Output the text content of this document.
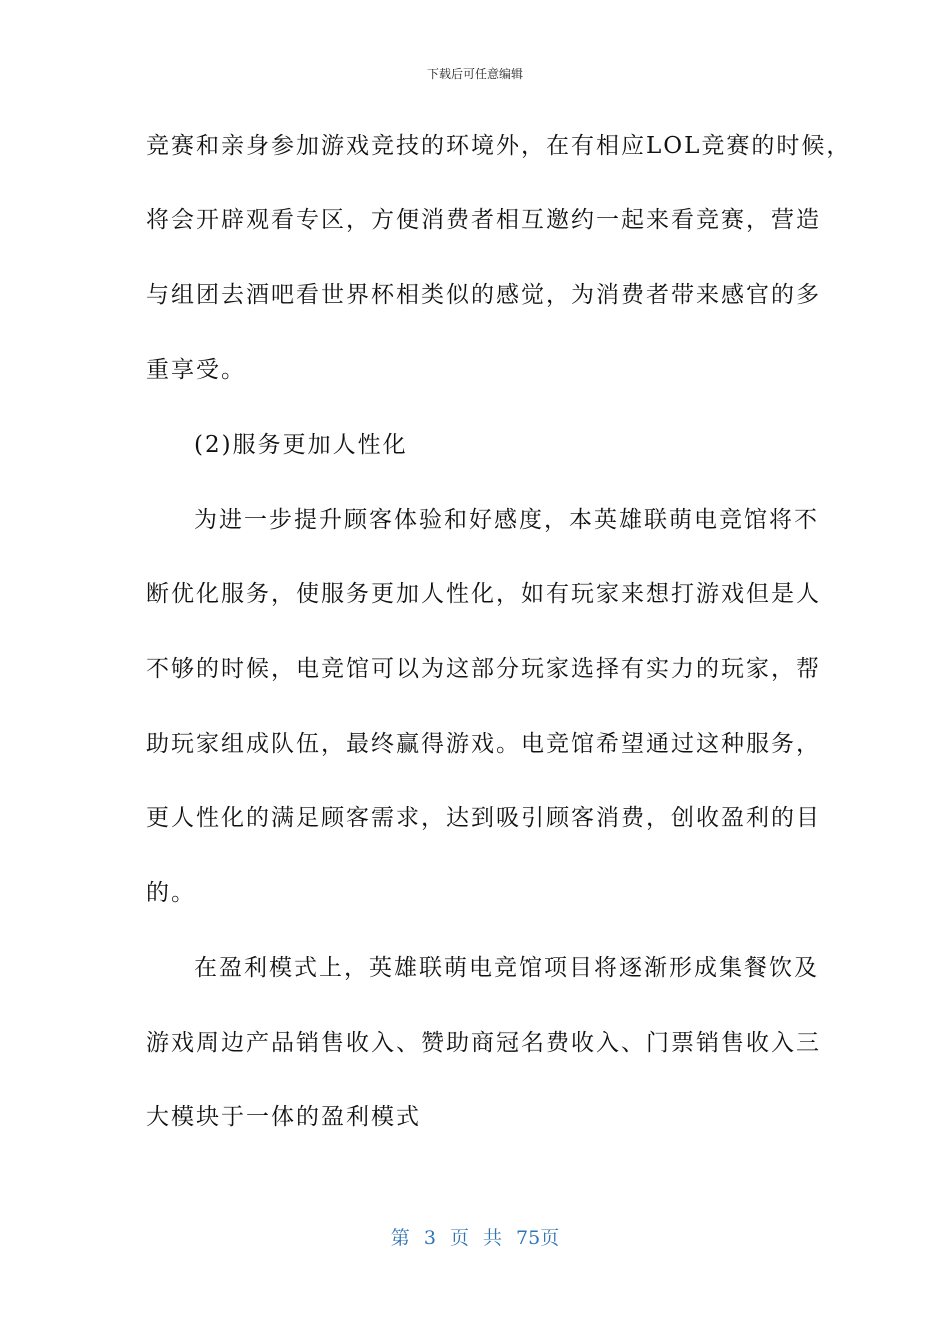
下载后可任意编辑
竞赛和亲身参加游戏竞技的环境外，在有相应LOL竞赛的时候，
将会开辟观看专区，方便消费者相互邀约一起来看竞赛，营造
与组团去酒吧看世界杯相类似的感觉，为消费者带来感官的多
重享受。
(2)服务更加人性化
为进一步提升顾客体验和好感度，本英雄联萌电竞馆将不
断优化服务，使服务更加人性化，如有玩家来想打游戏但是人
不够的时候，电竞馆可以为这部分玩家选择有实力的玩家，帮
助玩家组成队伍，最终赢得游戏。电竞馆希望通过这种服务，
更人性化的满足顾客需求，达到吸引顾客消费，创收盈利的目
的。
在盈利模式上，英雄联萌电竞馆项目将逐渐形成集餐饮及
游戏周边产品销售收入、赞助商冠名费收入、门票销售收入三
大模块于一体的盈利模式
第 3 页 共 75页
